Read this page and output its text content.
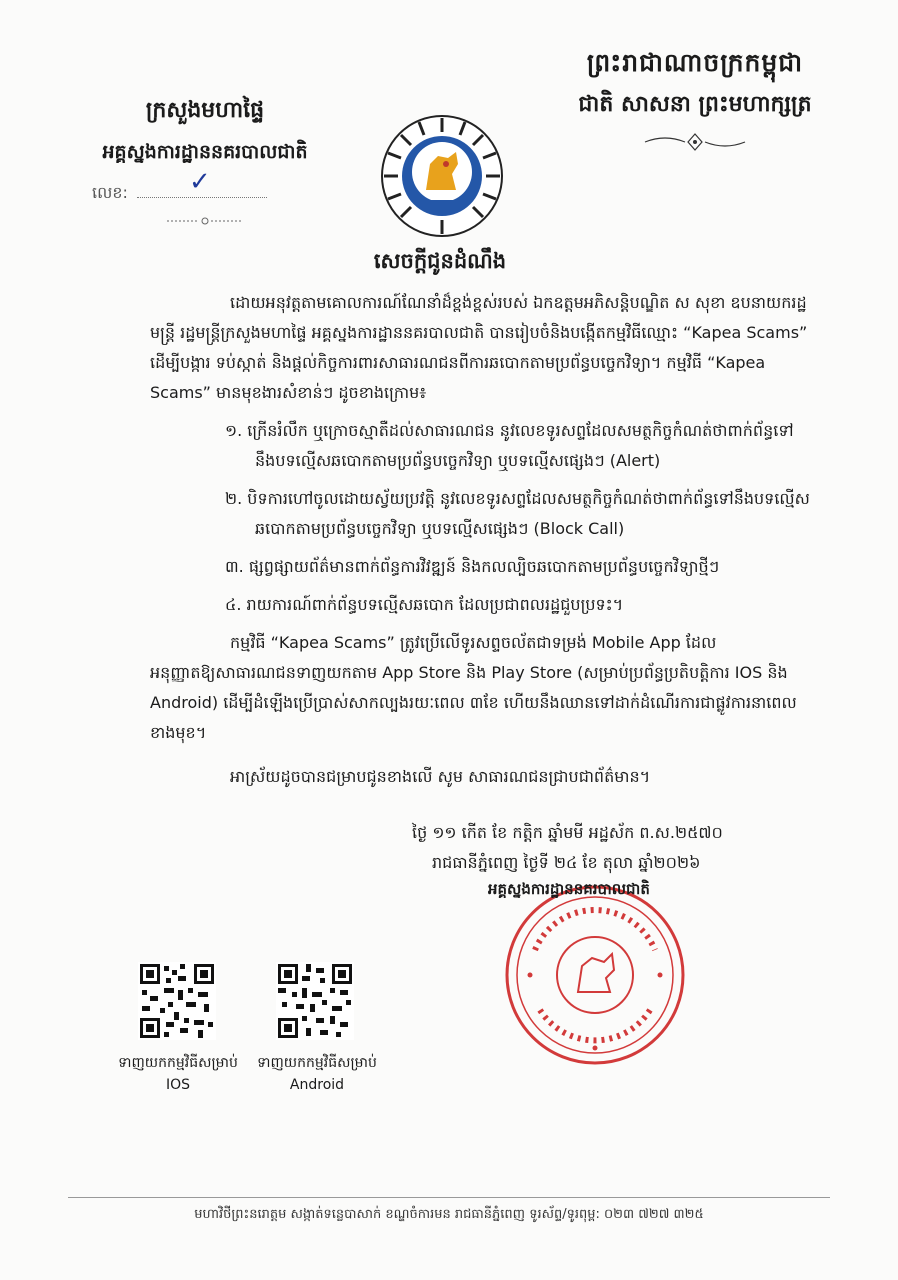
ព្រះរាជាណាចក្រកម្ពុជា
ជាតិ សាសនា ព្រះមហាក្សត្រ
ក្រសួងមហាផ្ទៃ
អគ្គស្នងការដ្ឋាននគរបាលជាតិ
លេខ: ✓
សេចក្តីជូនដំណឹង

ដោយអនុវត្តតាមគោលការណ៍ណែនាំដ៏ខ្ពង់ខ្ពស់របស់ ឯកឧត្តមអភិសន្តិបណ្ឌិត ស សុខា ឧបនាយករដ្ឋមន្ត្រី រដ្ឋមន្ត្រីក្រសួងមហាផ្ទៃ អគ្គស្នងការដ្ឋាននគរបាលជាតិ បានរៀបចំនិងបង្កើតកម្មវិធីឈ្មោះ “Kapea Scams” ដើម្បីបង្ការ ទប់ស្កាត់ និងផ្តល់កិច្ចការពារសាធារណជនពីការឆបោកតាមប្រព័ន្ធបច្ចេកវិទ្យា។ កម្មវិធី “Kapea Scams” មានមុខងារសំខាន់ៗ ដូចខាងក្រោម៖

១. ក្រើនរំលឹក ឬក្រោចស្មាតឺដល់សាធារណជន នូវលេខទូរសព្ទដែលសមត្ថកិច្ចកំណត់ថាពាក់ព័ន្ធទៅនឹងបទល្មើសឆបោកតាមប្រព័ន្ធបច្ចេកវិទ្យា ឬបទល្មើសផ្សេងៗ (Alert)

២. បិទការហៅចូលដោយស្វ័យប្រវត្តិ នូវលេខទូរសព្ទដែលសមត្ថកិច្ចកំណត់ថាពាក់ព័ន្ធទៅនឹងបទល្មើសឆបោកតាមប្រព័ន្ធបច្ចេកវិទ្យា ឬបទល្មើសផ្សេងៗ (Block Call)

៣. ផ្សព្វផ្សាយព័ត៌មានពាក់ព័ន្ធការវិវឌ្ឍន៍ និងកលល្បិចឆបោកតាមប្រព័ន្ធបច្ចេកវិទ្យាថ្មីៗ

៤. រាយការណ៍ពាក់ព័ន្ធបទល្មើសឆបោក ដែលប្រជាពលរដ្ឋជួបប្រទះ។

កម្មវិធី “Kapea Scams” ត្រូវប្រើលើទូរសព្ទចល័តជាទម្រង់ Mobile App ដែលអនុញ្ញាតឱ្យសាធារណជនទាញយកតាម App Store និង Play Store (សម្រាប់ប្រព័ន្ធប្រតិបត្តិការ IOS និង Android) ដើម្បីដំឡើងប្រើប្រាស់សាកល្បងរយៈពេល ៣ខែ ហើយនឹងឈានទៅដាក់ដំណើរការជាផ្លូវការនាពេលខាងមុខ។

អាស្រ័យដូចបានជម្រាបជូនខាងលើ សូម សាធារណជនជ្រាបជាព័ត៌មាន។

ថ្ងៃ ១១ កើត ខែ កត្តិក ឆ្នាំមមី អដ្ឋស័ក ព.ស.២៥៧០
រាជធានីភ្នំពេញ ថ្ងៃទី ២៤ ខែ តុលា ឆ្នាំ២០២៦
អគ្គស្នងការដ្ឋាននគរបាលជាតិ
ទាញយកកម្មវិធីសម្រាប់
IOS
ទាញយកកម្មវិធីសម្រាប់
Android
មហាវិថីព្រះនរោត្តម សង្កាត់ទន្លេបាសាក់ ខណ្ឌចំការមន រាជធានីភ្នំពេញ ទូរស័ព្ទ/ទូរពុម្ព: ០២៣ ៧២៧ ៣២៥
